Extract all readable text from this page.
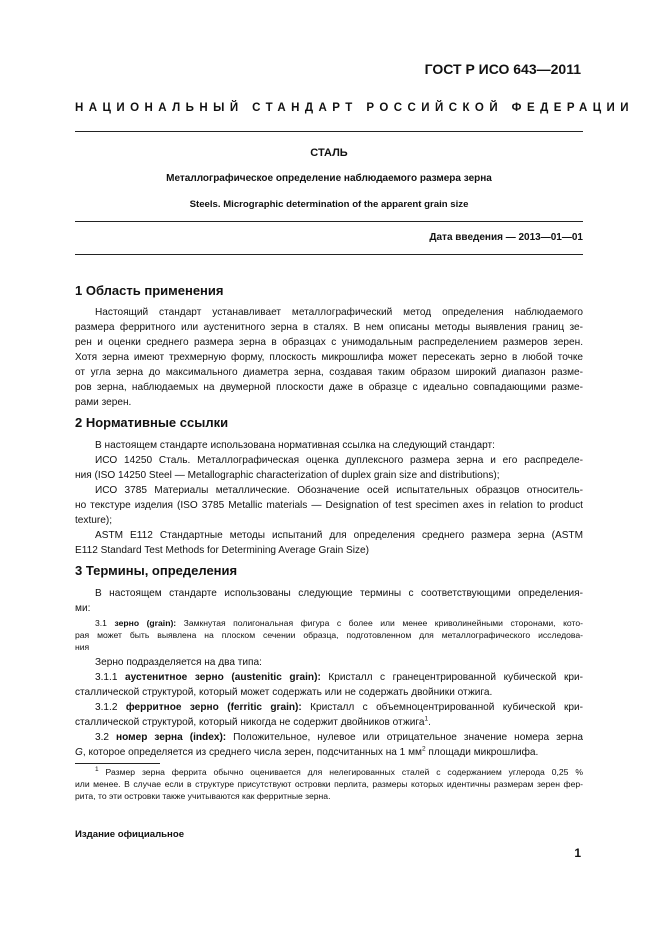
ГОСТ Р ИСО 643—2011
НАЦИОНАЛЬНЫЙ СТАНДАРТ РОССИЙСКОЙ ФЕДЕРАЦИИ
СТАЛЬ
Металлографическое определение наблюдаемого размера зерна
Steels. Micrographic determination of the apparent grain size
Дата введения — 2013—01—01
1 Область применения
Настоящий стандарт устанавливает металлографический метод определения наблюдаемого
размера ферритного или аустенитного зерна в сталях. В нем описаны методы выявления границ зе-
рен и оценки среднего размера зерна в образцах с унимодальным распределением размеров зерен.
Хотя зерна имеют трехмерную форму, плоскость микрошлифа может пересекать зерно в любой точке
от угла зерна до максимального диаметра зерна, создавая таким образом широкий диапазон разме-
ров зерна, наблюдаемых на двумерной плоскости даже в образце с идеально совпадающими разме-
рами зерен.
2 Нормативные ссылки
В настоящем стандарте использована нормативная ссылка на следующий стандарт:
ИСО 14250 Сталь. Металлографическая оценка дуплексного размера зерна и его распределе-
ния (ISO 14250 Steel — Metallographic characterization of duplex grain size and distributions);
ИСО 3785 Материалы металлические. Обозначение осей испытательных образцов относитель-
но текстуре изделия (ISO 3785 Metallic materials — Designation of test specimen axes in relation to product
texture);
ASTM E112 Стандартные методы испытаний для определения среднего размера зерна (ASTM
E112 Standard Test Methods for Determining Average Grain Size)
3 Термины, определения
В настоящем стандарте использованы следующие термины с соответствующими определения-
ми:
3.1 зерно (grain): Замкнутая полигональная фигура с более или менее криволинейными сторонами, кото-
рая может быть выявлена на плоском сечении образца, подготовленном для металлографического исследова-
ния
Зерно подразделяется на два типа:
3.1.1 аустенитное зерно (austenitic grain): Кристалл с гранецентрированной кубической кри-
сталлической структурой, который может содержать или не содержать двойники отжига.
3.1.2 ферритное зерно (ferritic grain): Кристалл с объемноцентрированной кубической кри-
сталлической структурой, который никогда не содержит двойников отжига$^1$.
3.2 номер зерна (index): Положительное, нулевое или отрицательное значение номера зерна
G, которое определяется из среднего числа зерен, подсчитанных на 1 $мм^2$ площади микрошлифа.
$^1$ Размер зерна феррита обычно оценивается для нелегированных сталей с содержанием углерода 0,25 %
или менее. В случае если в структуре присутствуют островки перлита, размеры которых идентичны размерам зерен фер-
рита, то эти островки также учитываются как ферритные зерна.
Издание официальное
1
